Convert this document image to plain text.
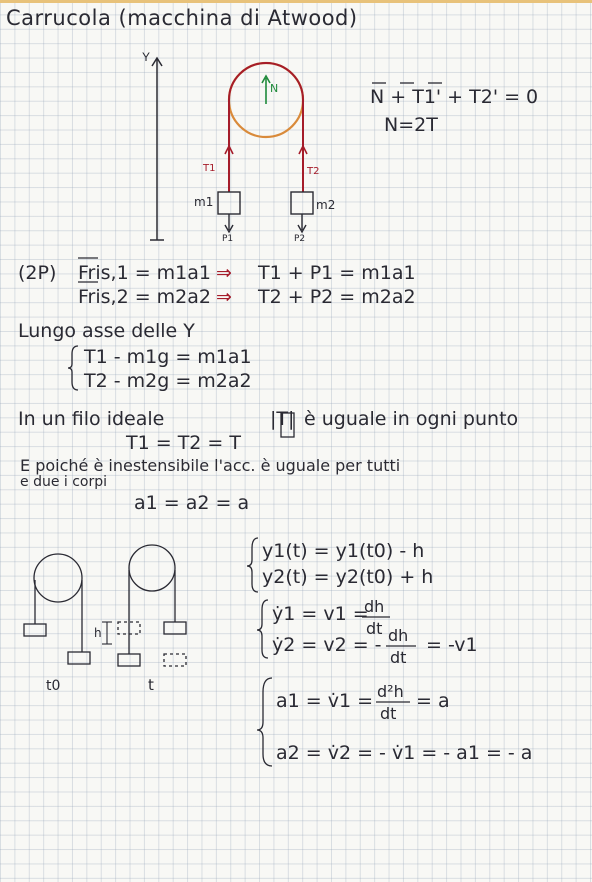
Carrucola (macchina di Atwood)
Y
N
T1	T2
m1	m2
P1	P2
N + T1' + T2' = 0
N=2T
(2P) Fris,1 = m1a1 ⇒ T1 + P1 = m1a1
Fris,2 = m2a2 ⇒ T2 + P2 = m2a2
Lungo asse delle Y
T1 - m1g = m1a1
T2 - m2g = m2a2
In un filo ideale	|T| è uguale in ogni punto
T1 = T2 = T
E poiché è inestensibile l'acc. è uguale per tutti
e due i corpi
a1 = a2 = a
t0	t
h
y1(t) = y1(t0) - h
y2(t) = y2(t0) + h
ẏ1 = v1 =
dh
dt
ẏ2 = v2 = - dh
dt
= -v1
a1 = v̇1 = d²h
dt
= a
a2 = v̇2 = - v̇1 = - a1 = - a
